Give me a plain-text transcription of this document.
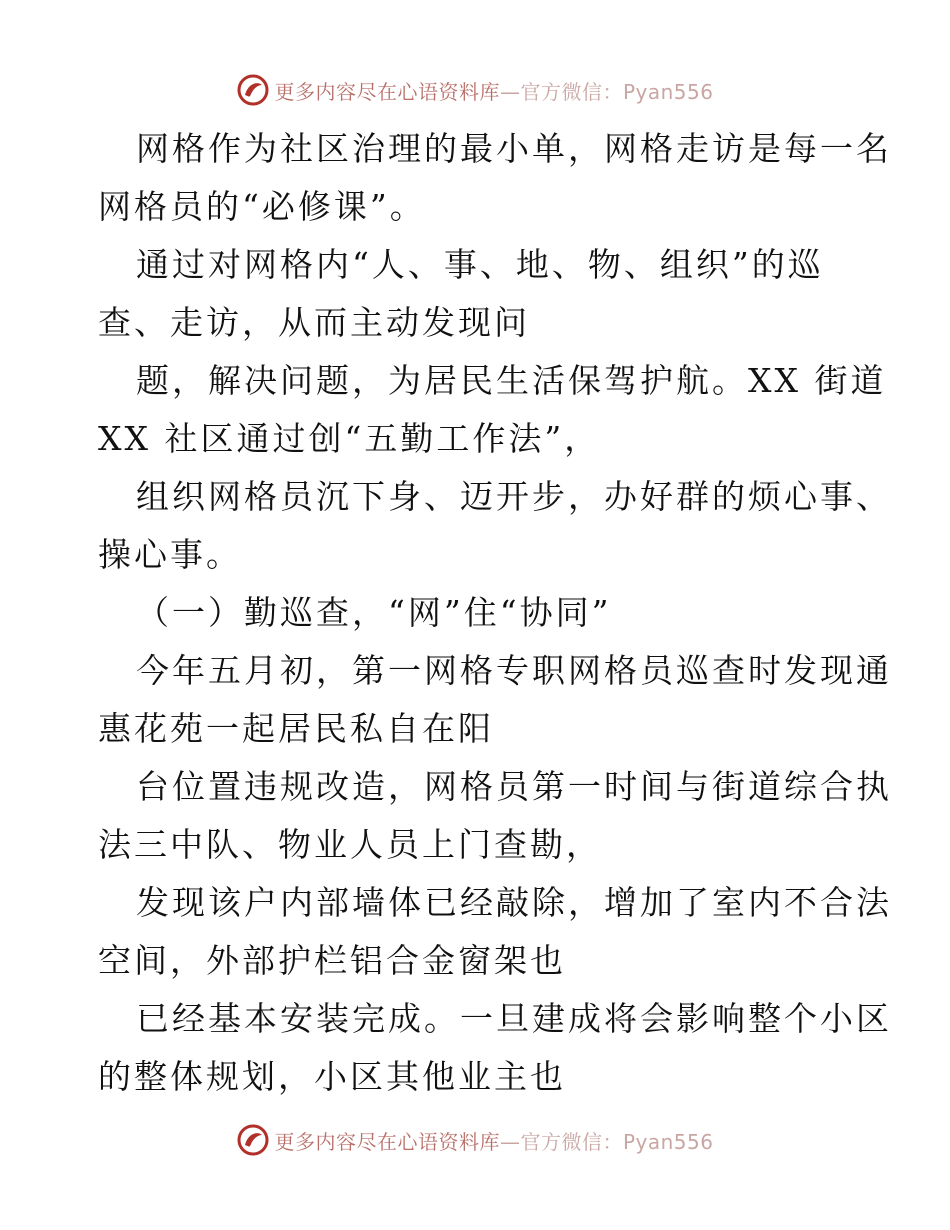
更多内容尽在心语资料库—官方微信：Pyan556
网格作为社区治理的最小单，网格走访是每一名
网格员的“必修课”。
通过对网格内“人、事、地、物、组织”的巡
查、走访，从而主动发现问
题，解决问题，为居民生活保驾护航。XX 街道
XX 社区通过创“五勤工作法”，
组织网格员沉下身、迈开步，办好群的烦心事、
操心事。
（一）勤巡查，“网”住“协同”
今年五月初，第一网格专职网格员巡查时发现通
惠花苑一起居民私自在阳
台位置违规改造，网格员第一时间与街道综合执
法三中队、物业人员上门查勘，
发现该户内部墙体已经敲除，增加了室内不合法
空间，外部护栏铝合金窗架也
已经基本安装完成。一旦建成将会影响整个小区
的整体规划，小区其他业主也
更多内容尽在心语资料库—官方微信：Pyan556
